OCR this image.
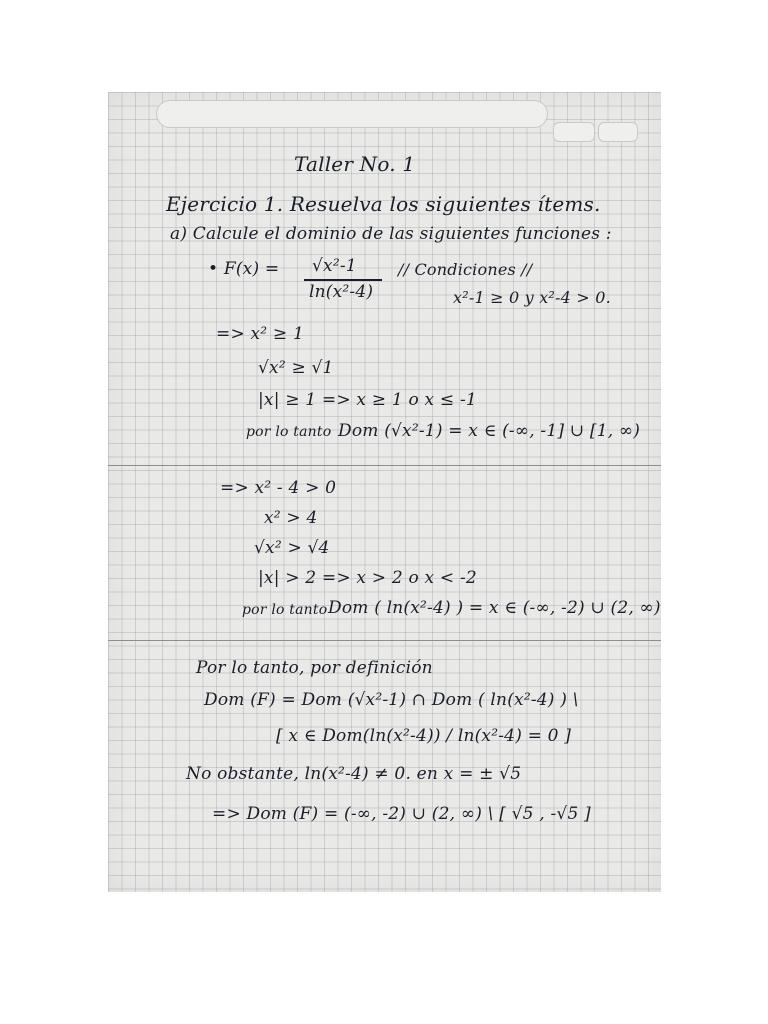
Taller No. 1
Ejercicio 1. Resuelva los siguientes ítems.
a) Calcule el dominio de las siguientes funciones :
• F(x) = √x²-1
ln(x²-4)
// Condiciones //
x²-1 ≥ 0 y x²-4 > 0.
=> x² ≥ 1
√x² ≥ √1
|x| ≥ 1 => x ≥ 1 o x ≤ -1
por lo tanto Dom (√x²-1) = x ∈ (-∞, -1] ∪ [1, ∞)
=> x² - 4 > 0
x² > 4
√x² > √4
|x| > 2 => x > 2 o x < -2
por lo tanto Dom ( ln(x²-4) ) = x ∈ (-∞, -2) ∪ (2, ∞)
Por lo tanto, por definición
Dom (F) = Dom (√x²-1) ∩ Dom ( ln(x²-4) ) \
[ x ∈ Dom(ln(x²-4)) / ln(x²-4) = 0 ]
No obstante, ln(x²-4) ≠ 0. en x = ± √5
=> Dom (F) = (-∞, -2) ∪ (2, ∞) \ [ √5 , -√5 ]
